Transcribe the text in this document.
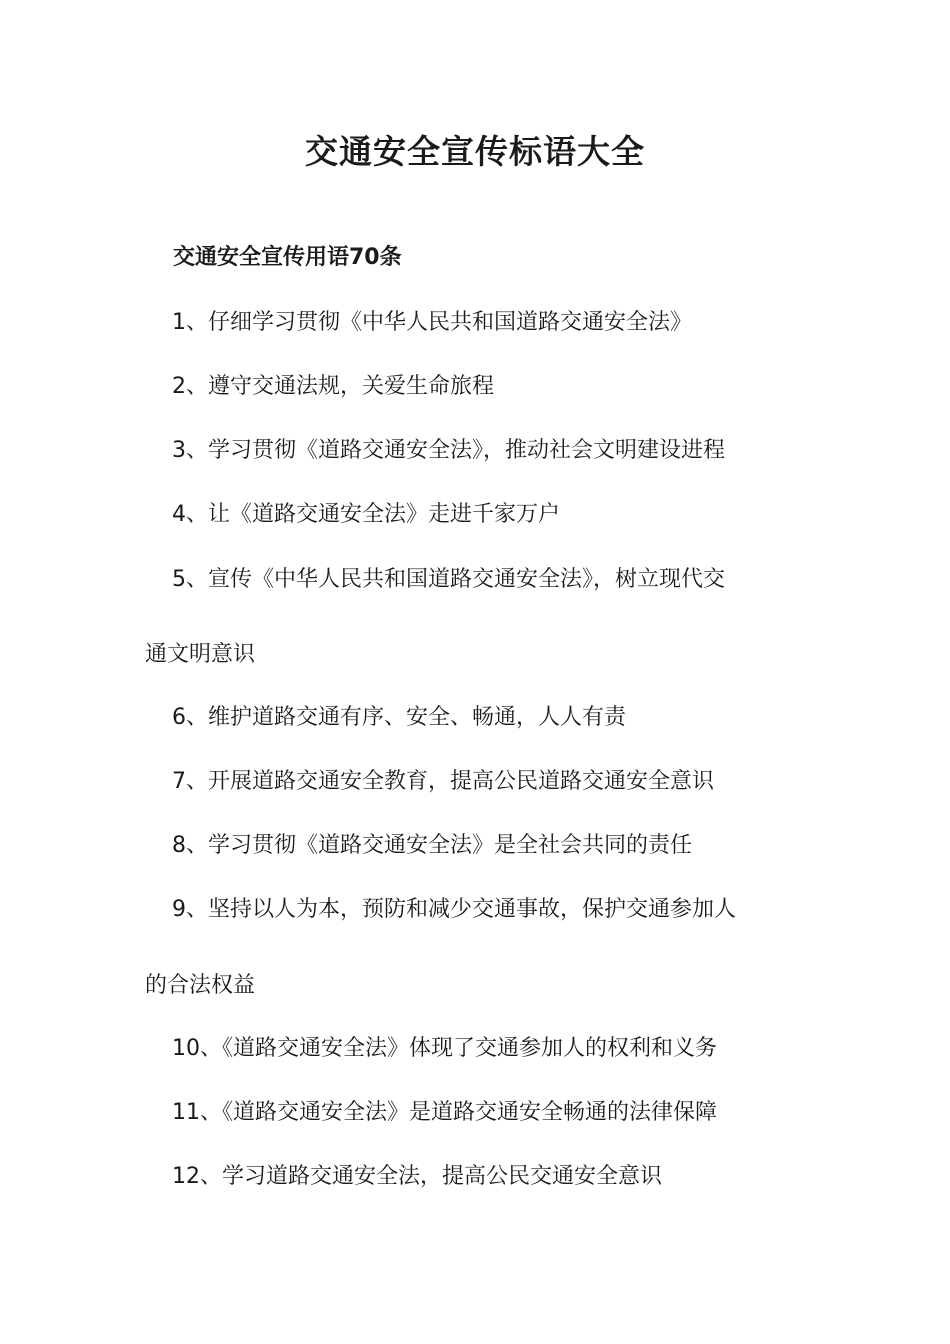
交通安全宣传标语大全
交通安全宣传用语70条
1、仔细学习贯彻《中华人民共和国道路交通安全法》
2、遵守交通法规，关爱生命旅程
3、学习贯彻《道路交通安全法》，推动社会文明建设进程
4、让《道路交通安全法》走进千家万户
5、宣传《中华人民共和国道路交通安全法》，树立现代交
通文明意识
6、维护道路交通有序、安全、畅通，人人有责
7、开展道路交通安全教育，提高公民道路交通安全意识
8、学习贯彻《道路交通安全法》是全社会共同的责任
9、坚持以人为本，预防和减少交通事故，保护交通参加人
的合法权益
10、《道路交通安全法》体现了交通参加人的权利和义务
11、《道路交通安全法》是道路交通安全畅通的法律保障
12、学习道路交通安全法，提高公民交通安全意识
